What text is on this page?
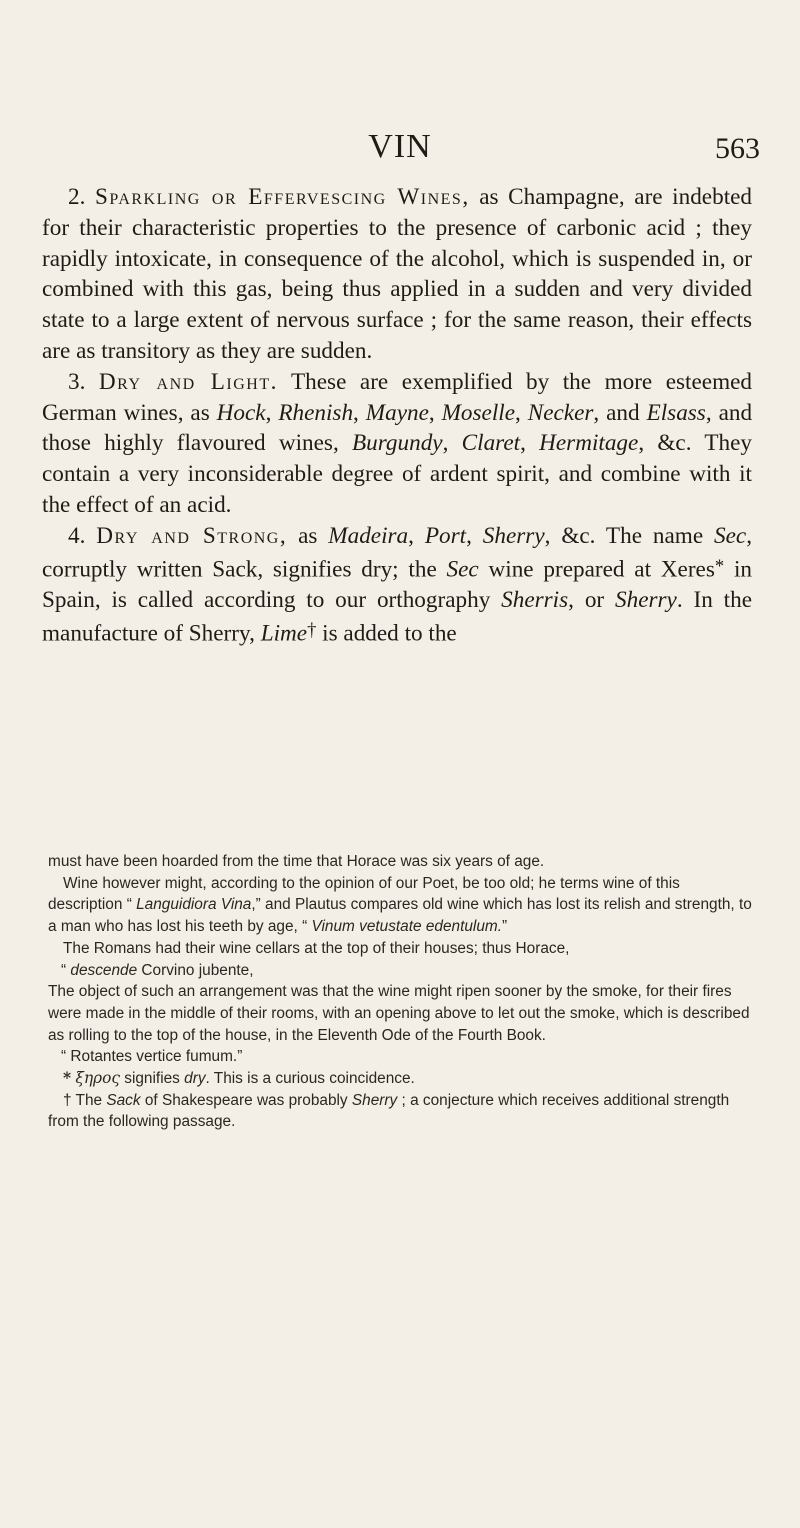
VIN	563

2. Sparkling or Effervescing Wines, as Champagne, are indebted for their characteristic properties to the presence of carbonic acid ; they rapidly intoxicate, in consequence of the alcohol, which is suspended in, or combined with this gas, being thus applied in a sudden and very divided state to a large extent of nervous surface ; for the same reason, their effects are as transitory as they are sudden.

3. Dry and Light. These are exemplified by the more esteemed German wines, as Hock, Rhenish, Mayne, Moselle, Necker, and Elsass, and those highly flavoured wines, Burgundy, Claret, Hermitage, &c. They contain a very inconsiderable degree of ardent spirit, and combine with it the effect of an acid.

4. Dry and Strong, as Madeira, Port, Sherry, &c. The name Sec, corruptly written Sack, signifies dry; the Sec wine prepared at Xeres* in Spain, is called according to our orthography Sherris, or Sherry. In the manufacture of Sherry, Lime† is added to the

must have been hoarded from the time that Horace was six years of age.

Wine however might, according to the opinion of our Poet, be too old; he terms wine of this description “ Languidiora Vina,” and Plautus compares old wine which has lost its relish and strength, to a man who has lost his teeth by age, “ Vinum vetustate edentulum.”

The Romans had their wine cellars at the top of their houses; thus Horace,

“ descende Corvino jubente,

The object of such an arrangement was that the wine might ripen sooner by the smoke, for their fires were made in the middle of their rooms, with an opening above to let out the smoke, which is described as rolling to the top of the house, in the Eleventh Ode of the Fourth Book.

“ Rotantes vertice fumum.”

* ξηρος signifies dry. This is a curious coincidence.

† The Sack of Shakespeare was probably Sherry ; a conjecture which receives additional strength from the following passage.
